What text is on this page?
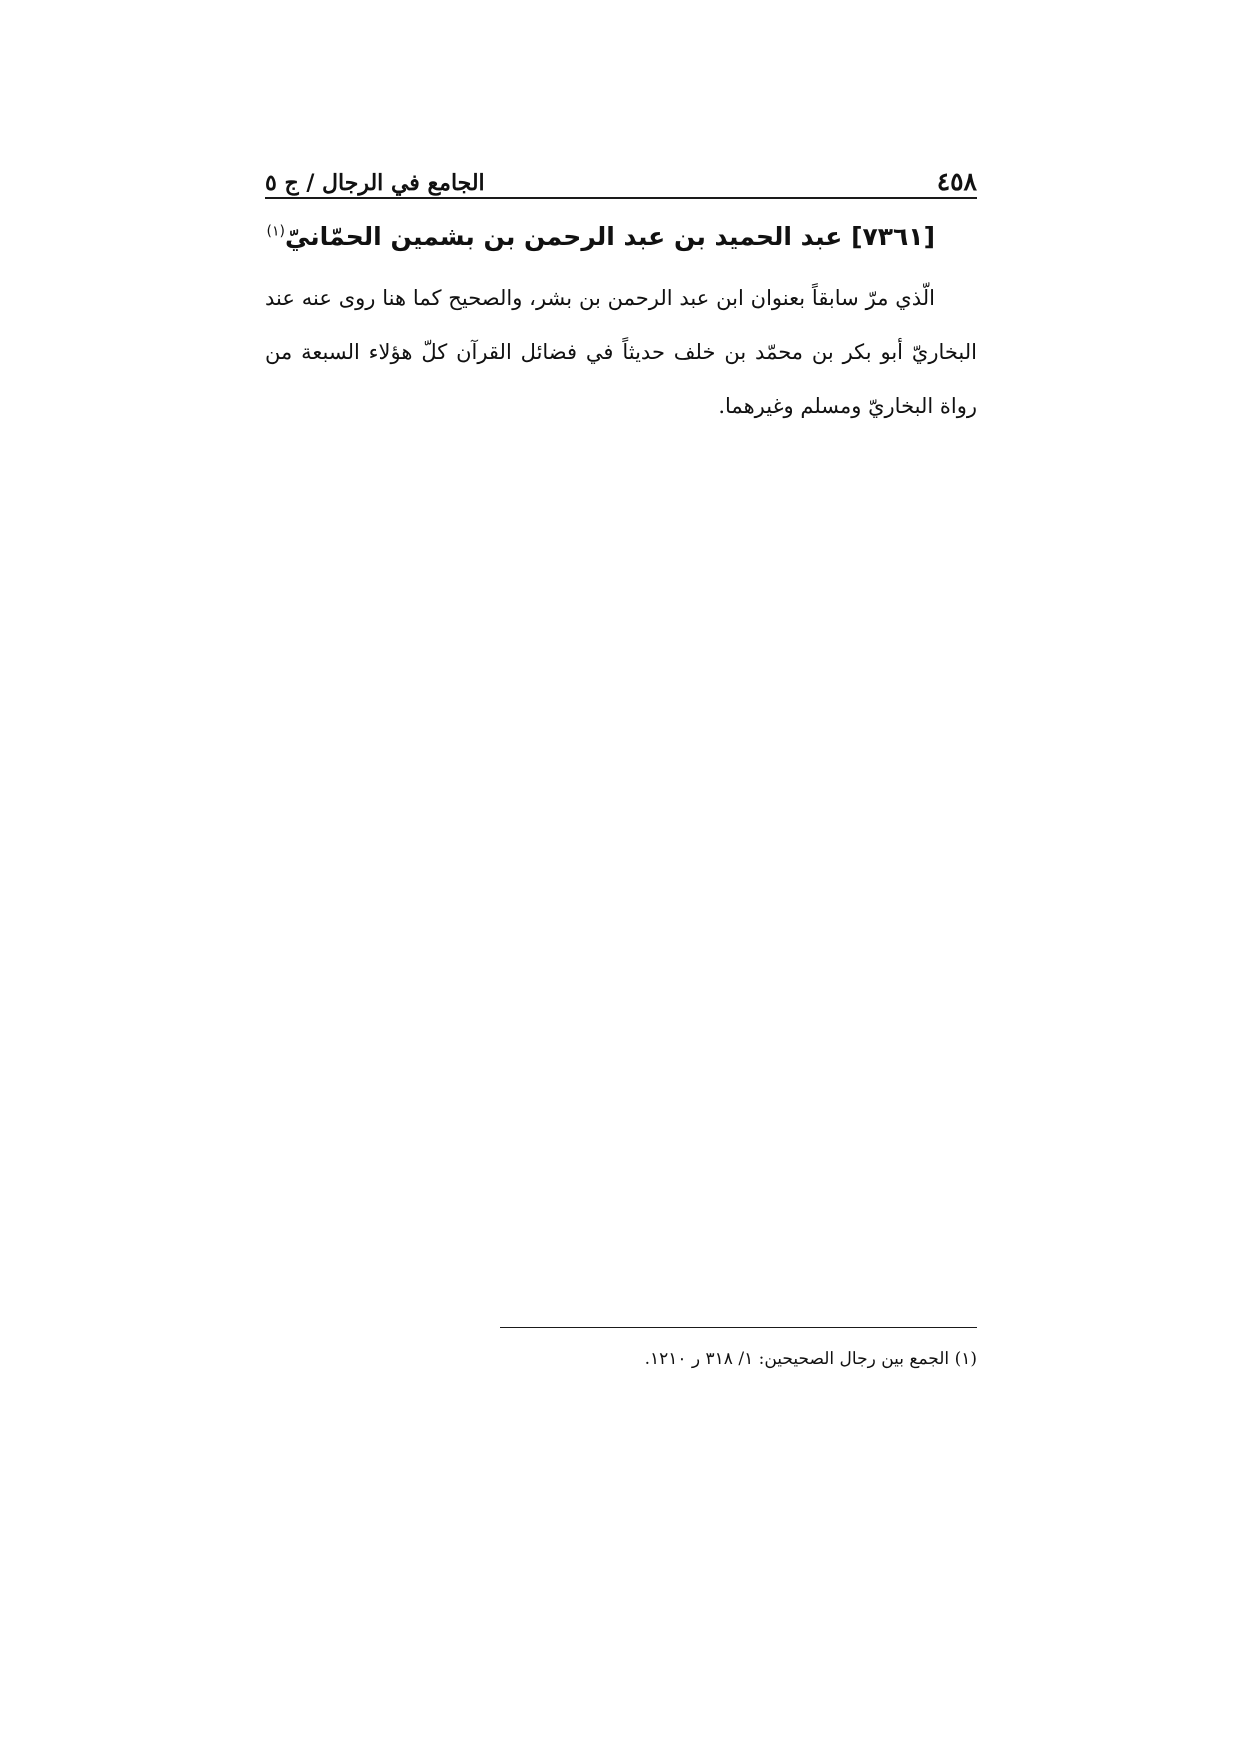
الجامع في الرجال / ج ٥	٤٥٨
[٧٣٦١] عبد الحميد بن عبد الرحمن بن بشمين الحمّانيّ$^{(١)}$

الّذي مرّ سابقاً بعنوان ابن عبد الرحمن بن بشر، والصحيح كما هنا روى عنه عند البخاريّ أبو بكر بن محمّد بن خلف حديثاً في فضائل القرآن كلّ هؤلاء السبعة من رواة البخاريّ ومسلم وغيرهما.

(١) الجمع بين رجال الصحيحين: ١/ ٣١٨ ر ١٢١٠.
